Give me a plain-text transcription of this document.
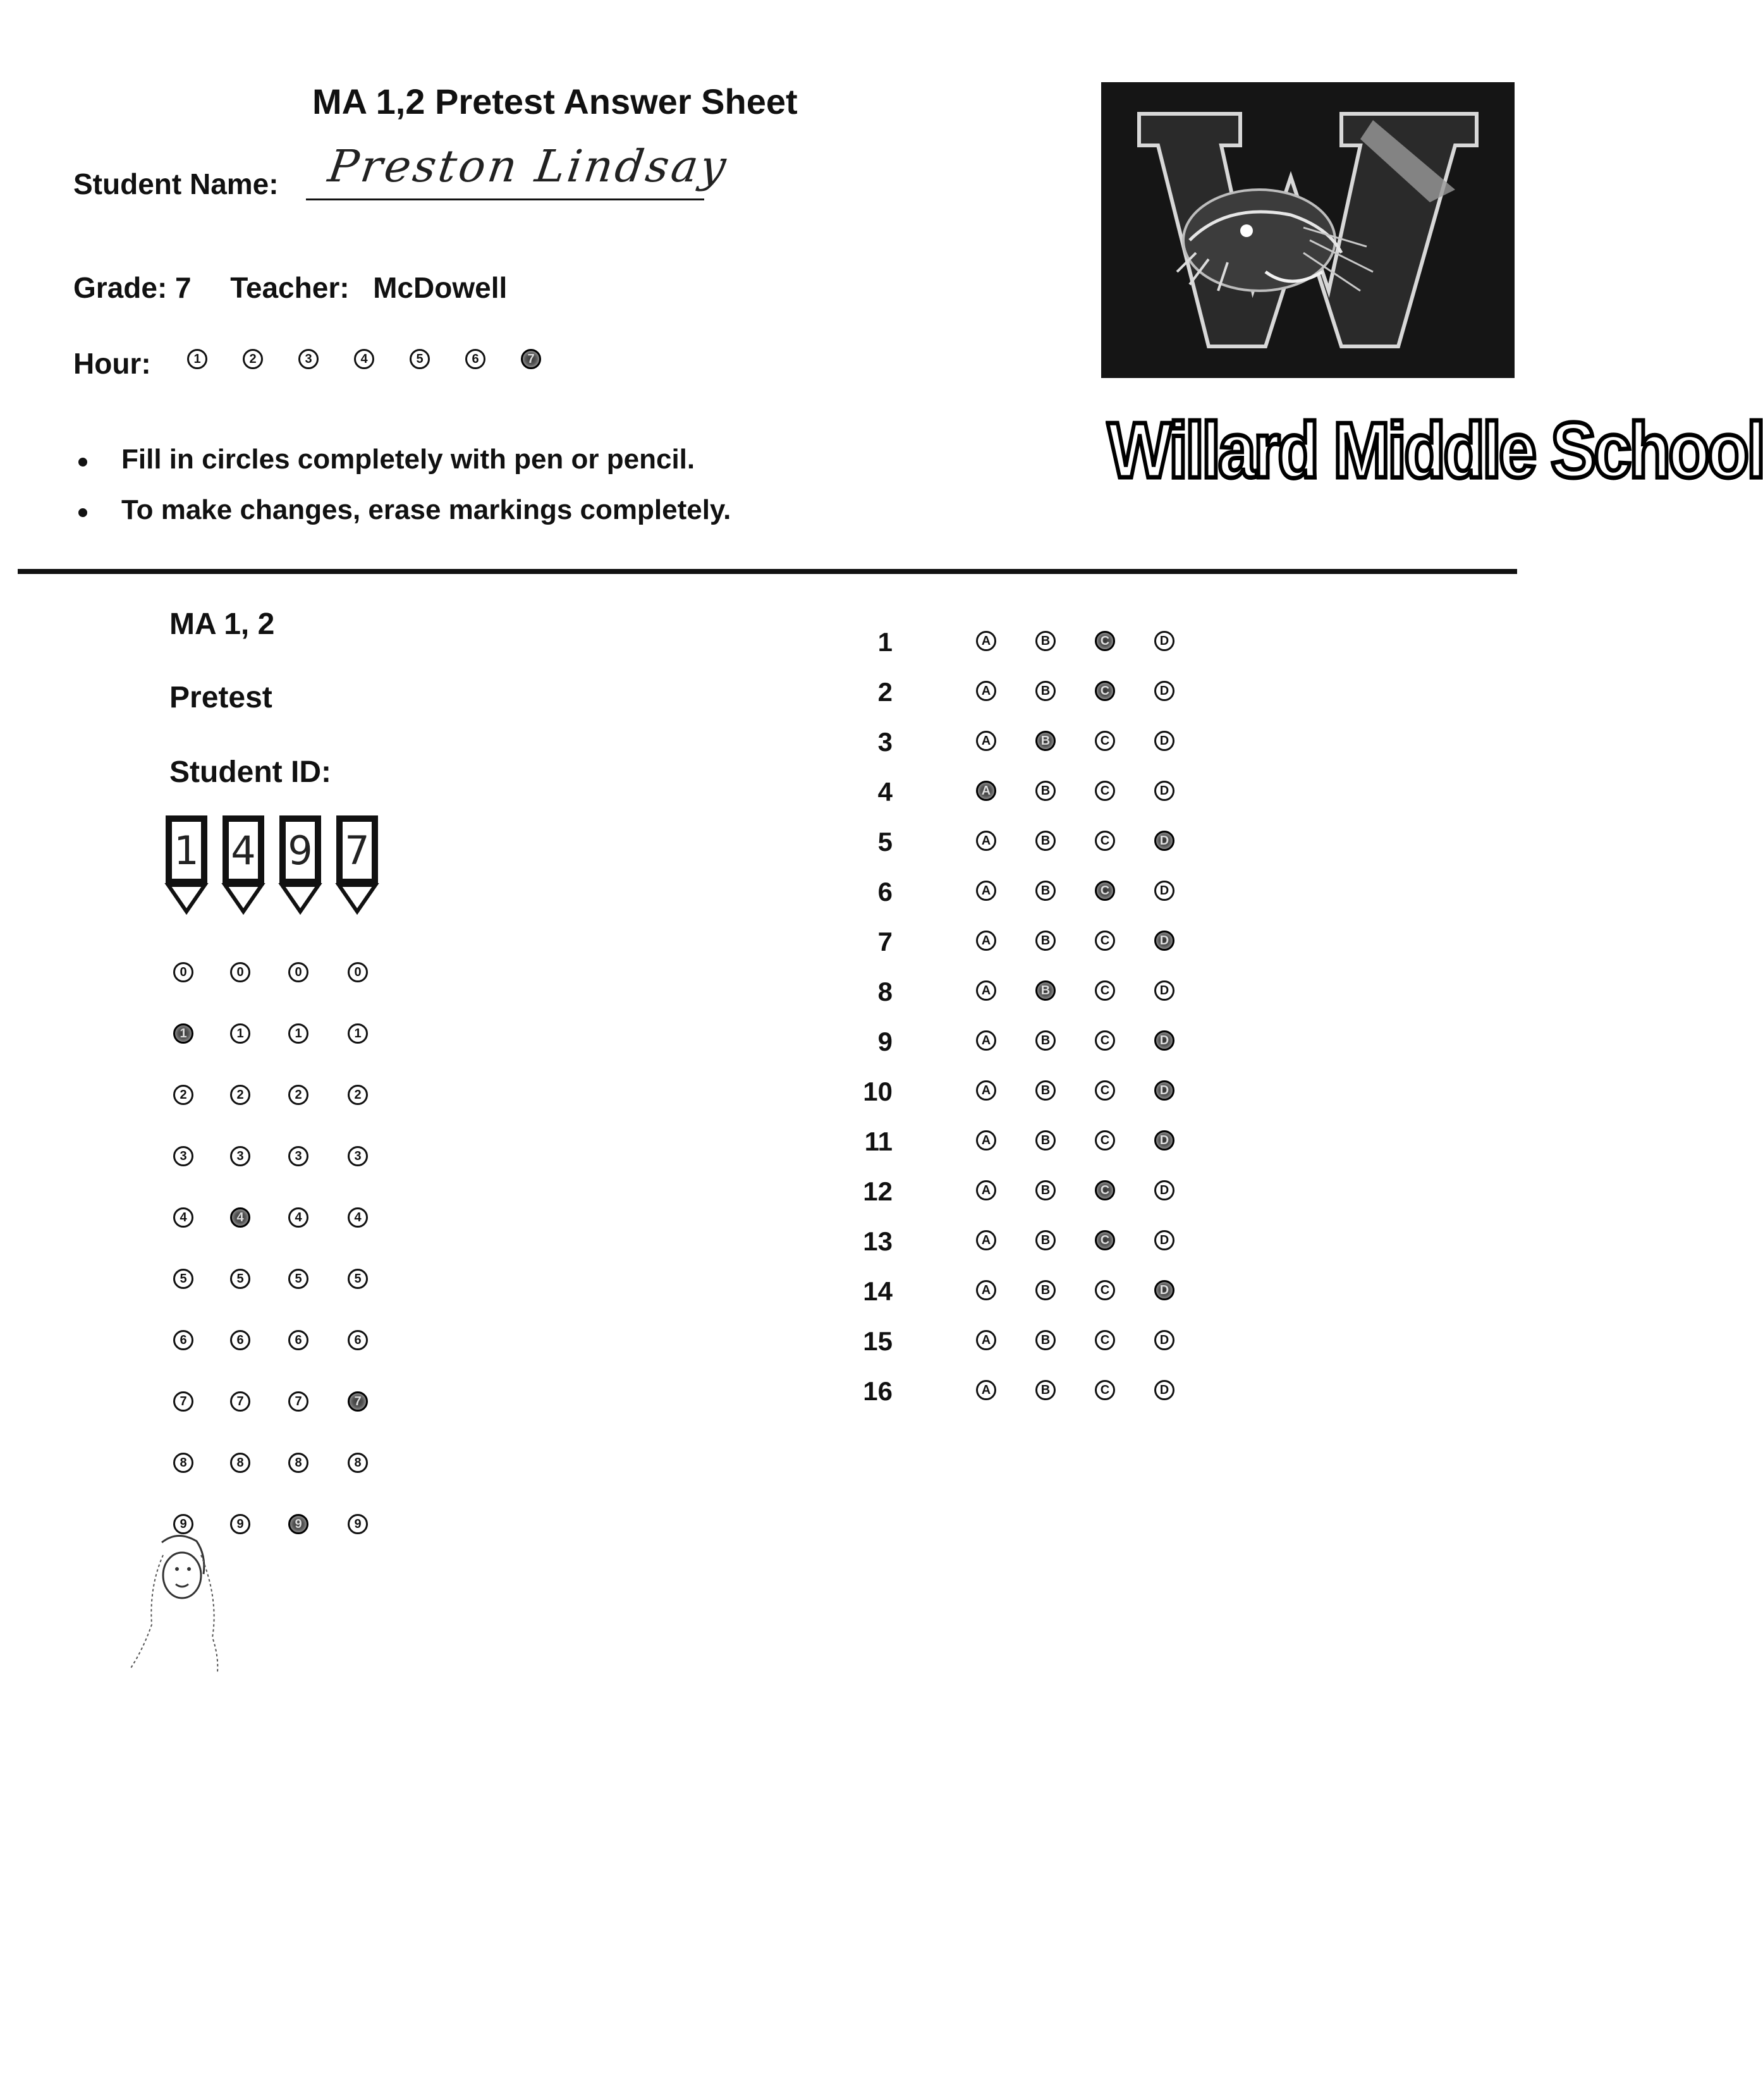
MA 1,2 Pretest Answer Sheet
Student Name: Preston Lindsay
Grade: 7 Teacher: McDowell
Hour:
Fill in circles completely with pen or pencil.
To make changes, erase markings completely.
Willard Middle School
MA 1, 2
Pretest
Student ID:
1	2	3	4	5	6	7
1 4 9 7
0	0	0	0
1	1	1	1
2	2	2	2
3	3	3	3
4	4	4	4
5	5	5	5
6	6	6	6
7	7	7	7
8	8	8	8
9	9	9	9
1	A	B	C	D
2	A	B	C	D
3	A	B	C	D
4	A	B	C	D
5	A	B	C	D
6	A	B	C	D
7	A	B	C	D
8	A	B	C	D
9	A	B	C	D
10	A	B	C	D
11	A	B	C	D
12	A	B	C	D
13	A	B	C	D
14	A	B	C	D
15	A	B	C	D
16	A	B	C	D
